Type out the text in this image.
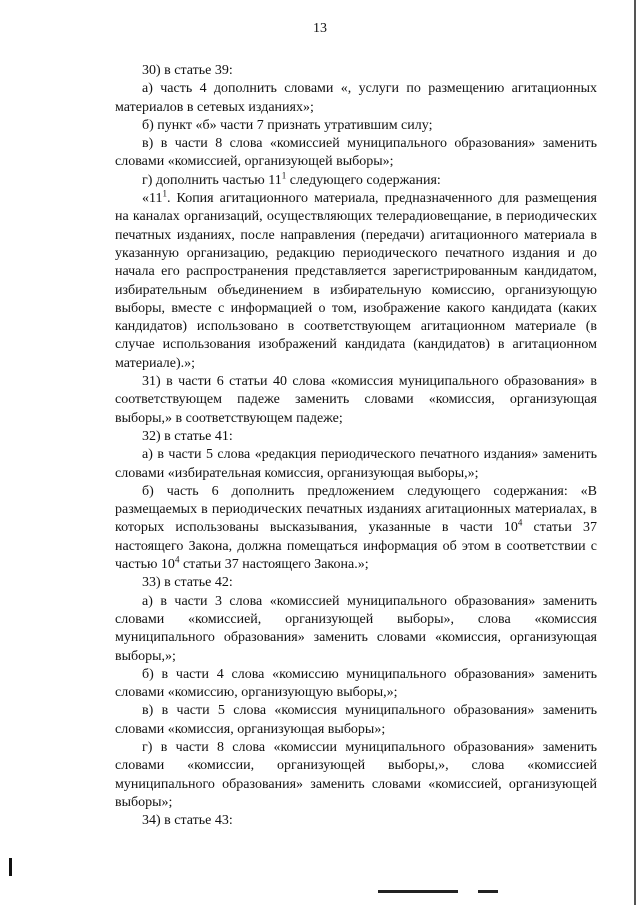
13

30) в статье 39:

а) часть 4 дополнить словами «, услуги по размещению агитационных материалов в сетевых изданиях»;

б) пункт «б» части 7 признать утратившим силу;

в) в части 8 слова «комиссией муниципального образования» заменить словами «комиссией, организующей выборы»;

г) дополнить частью $11^1$ следующего содержания:

«$11^1$. Копия агитационного материала, предназначенного для размещения на каналах организаций, осуществляющих телерадиовещание, в периодических печатных изданиях, после направления (передачи) агитационного материала в указанную организацию, редакцию периодического печатного издания и до начала его распространения представляется зарегистрированным кандидатом, избирательным объединением в избирательную комиссию, организующую выборы, вместе с информацией о том, изображение какого кандидата (каких кандидатов) использовано в соответствующем агитационном материале (в случае использования изображений кандидата (кандидатов) в агитационном материале).»;

31) в части 6 статьи 40 слова «комиссия муниципального образования» в соответствующем падеже заменить словами «комиссия, организующая выборы,» в соответствующем падеже;

32) в статье 41:

а) в части 5 слова «редакция периодического печатного издания» заменить словами «избирательная комиссия, организующая выборы,»;

б) часть 6 дополнить предложением следующего содержания: «В размещаемых в периодических печатных изданиях агитационных материалах, в которых использованы высказывания, указанные в части $10^4$ статьи 37 настоящего Закона, должна помещаться информация об этом в соответствии с частью $10^4$ статьи 37 настоящего Закона.»;

33) в статье 42:

а) в части 3 слова «комиссией муниципального образования» заменить словами «комиссией, организующей выборы», слова «комиссия муниципального образования» заменить словами «комиссия, организующая выборы,»;

б) в части 4 слова «комиссию муниципального образования» заменить словами «комиссию, организующую выборы,»;

в) в части 5 слова «комиссия муниципального образования» заменить словами «комиссия, организующая выборы»;

г) в части 8 слова «комиссии муниципального образования» заменить словами «комиссии, организующей выборы,», слова «комиссией муниципального образования» заменить словами «комиссией, организующей выборы»;

34) в статье 43:
